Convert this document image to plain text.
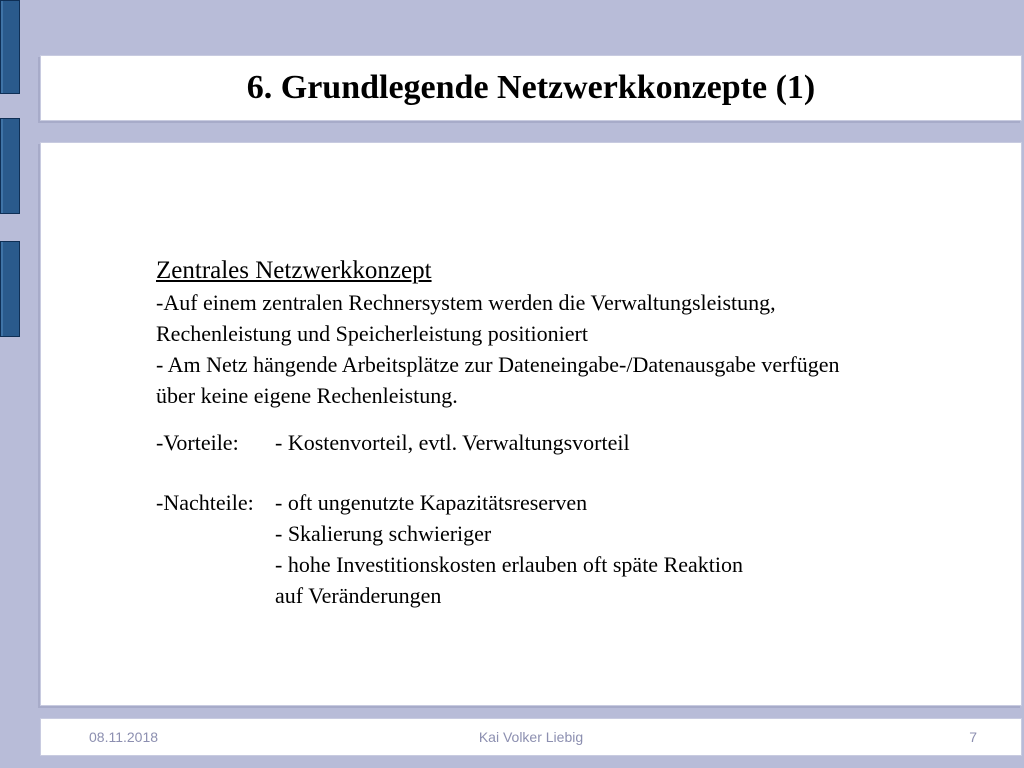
6. Grundlegende Netzwerkkonzepte (1)
Zentrales Netzwerkkonzept
-Auf einem zentralen Rechnersystem werden die Verwaltungsleistung,
Rechenleistung und Speicherleistung positioniert
- Am Netz hängende Arbeitsplätze zur Dateneingabe-/Datenausgabe verfügen
über keine eigene Rechenleistung.
-Vorteile:	- Kostenvorteil, evtl. Verwaltungsvorteil
-Nachteile: - oft ungenutzte Kapazitätsreserven
- Skalierung schwieriger
- hohe Investitionskosten erlauben oft späte Reaktion
auf Veränderungen
08.11.2018	Kai Volker Liebig	7
